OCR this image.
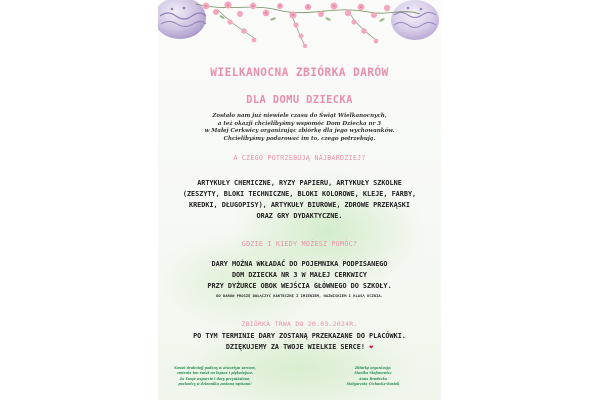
WIELKANOCNA ZBIÓRKA DARÓW
DLA DOMU DZIECKA
Zostało nam już niewiele czasu do Świąt Wielkanocnych,
a też okazji chcielibyśmy wspomóc Dom Dziecka nr 3
w Małej Cerkwicy organizując zbiórkę dla jego wychowanków.
Chcielibyśmy podarować im to, czego potrzebują.
A CZEGO POTRZEBUJĄ NAJBARDZIEJ?
ARTYKUŁY CHEMICZNE, RYZY PAPIERU, ARTYKUŁY SZKOLNE
(ZESZYTY, BLOKI TECHNICZNE, BLOKI KOLOROWE, KLEJE, FARBY,
KREDKI, DŁUGOPISY), ARTYKUŁY BIUROWE, ZDROWE PRZEKĄSKI
ORAZ GRY DYDAKTYCZNE.
GDZIE I KIEDY MOŻESZ POMÓC?
DARY MOŻNA WKŁADAĆ DO POJEMNIKA PODPISANEGO
DOM DZIECKA NR 3 W MAŁEJ CERKWICY
PRZY DYŻURCE OBOK WEJŚCIA GŁÓWNEGO DO SZKOŁY.
DO DARÓW PROSZĘ DOŁĄCZYĆ KARTECZKĘ Z IMIENIEM, NAZWISKIEM I KLASĄ UCZNIA.
ZBIÓRKA TRWA DO 20.03.2024R.
PO TYM TERMINIE DARY ZOSTANĄ PRZEKAZANE DO PLACÓWKI.
DZIĘKUJEMY ZA TWOJE WIELKIE SERCE! ❤
Nawet drobniejj podany w otwartym sercem,
zmienia ten świat na lepsze i piękniejsze.
Za Twoje wsparcie i dary przyniesione,
pochodzy w dzienniku zostaną wpisane!
Zbiórkę organizują:
Monika Stefanowicz
Anna Brodecka
Małgorzata Cichocka-Rosiek
